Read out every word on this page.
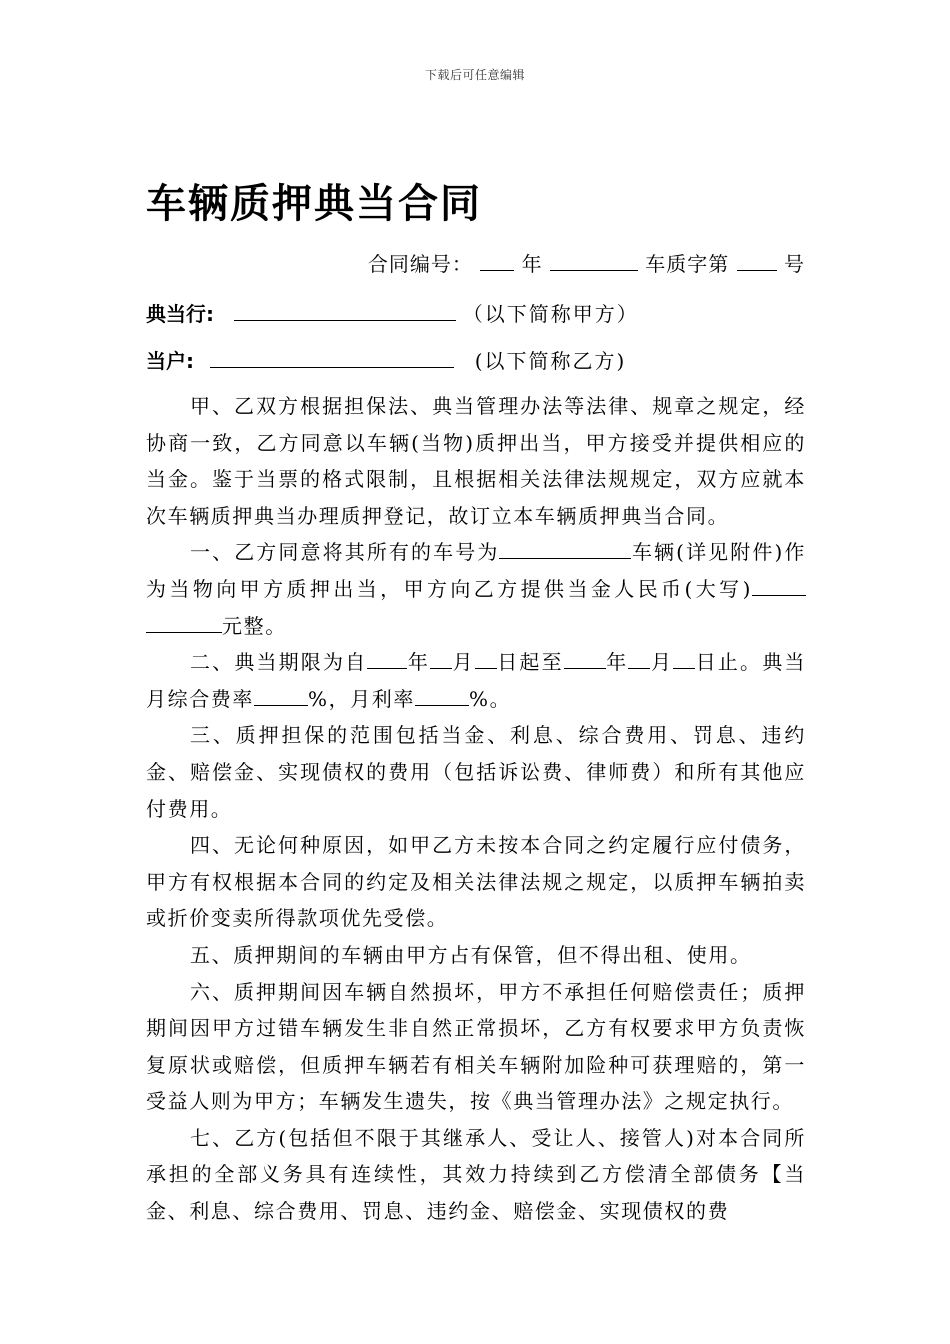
下载后可任意编辑
车辆质押典当合同
合同编号： 年	车质字第	号
典当行:	（以下简称甲方）
当户:	(以下简称乙方)

甲、乙双方根据担保法、典当管理办法等法律、规章之规定，经协商一致，乙方同意以车辆(当物)质押出当，甲方接受并提供相应的当金。鉴于当票的格式限制，且根据相关法律法规规定，双方应就本次车辆质押典当办理质押登记，故订立本车辆质押典当合同。

一、乙方同意将其所有的车号为	车辆(详见附件)作为当物向甲方质押出当，甲方向乙方提供当金人民币(大写)元整。

二、典当期限为自 年 月 日起至 年 月 日止。典当月综合费率	%，月利率	%。

三、质押担保的范围包括当金、利息、综合费用、罚息、违约金、赔偿金、实现债权的费用（包括诉讼费、律师费）和所有其他应付费用。

四、无论何种原因，如甲乙方未按本合同之约定履行应付债务，甲方有权根据本合同的约定及相关法律法规之规定，以质押车辆拍卖或折价变卖所得款项优先受偿。

五、质押期间的车辆由甲方占有保管，但不得出租、使用。

六、质押期间因车辆自然损坏，甲方不承担任何赔偿责任；质押期间因甲方过错车辆发生非自然正常损坏，乙方有权要求甲方负责恢复原状或赔偿，但质押车辆若有相关车辆附加险种可获理赔的，第一受益人则为甲方；车辆发生遗失，按《典当管理办法》之规定执行。

七、乙方(包括但不限于其继承人、受让人、接管人)对本合同所承担的全部义务具有连续性，其效力持续到乙方偿清全部债务【当金、利息、综合费用、罚息、违约金、赔偿金、实现债权的费
